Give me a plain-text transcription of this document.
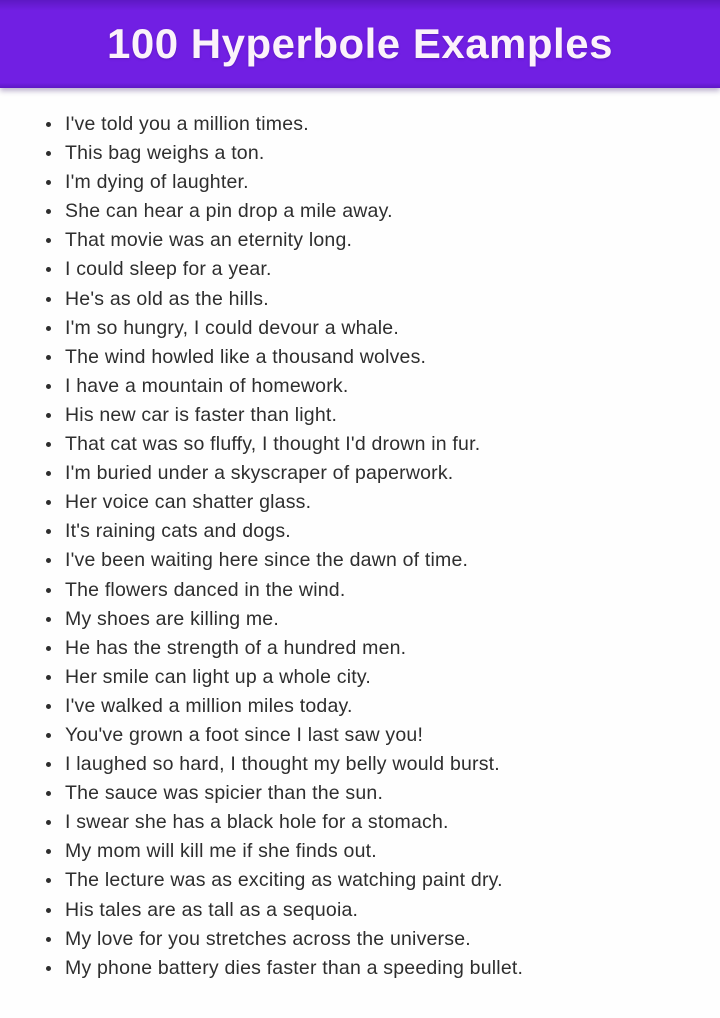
100 Hyperbole Examples
• I've told you a million times.
• This bag weighs a ton.
• I'm dying of laughter.
• She can hear a pin drop a mile away.
• That movie was an eternity long.
• I could sleep for a year.
• He's as old as the hills.
• I'm so hungry, I could devour a whale.
• The wind howled like a thousand wolves.
• I have a mountain of homework.
• His new car is faster than light.
• That cat was so fluffy, I thought I'd drown in fur.
• I'm buried under a skyscraper of paperwork.
• Her voice can shatter glass.
• It's raining cats and dogs.
• I've been waiting here since the dawn of time.
• The flowers danced in the wind.
• My shoes are killing me.
• He has the strength of a hundred men.
• Her smile can light up a whole city.
• I've walked a million miles today.
• You've grown a foot since I last saw you!
• I laughed so hard, I thought my belly would burst.
• The sauce was spicier than the sun.
• I swear she has a black hole for a stomach.
• My mom will kill me if she finds out.
• The lecture was as exciting as watching paint dry.
• His tales are as tall as a sequoia.
• My love for you stretches across the universe.
• My phone battery dies faster than a speeding bullet.
